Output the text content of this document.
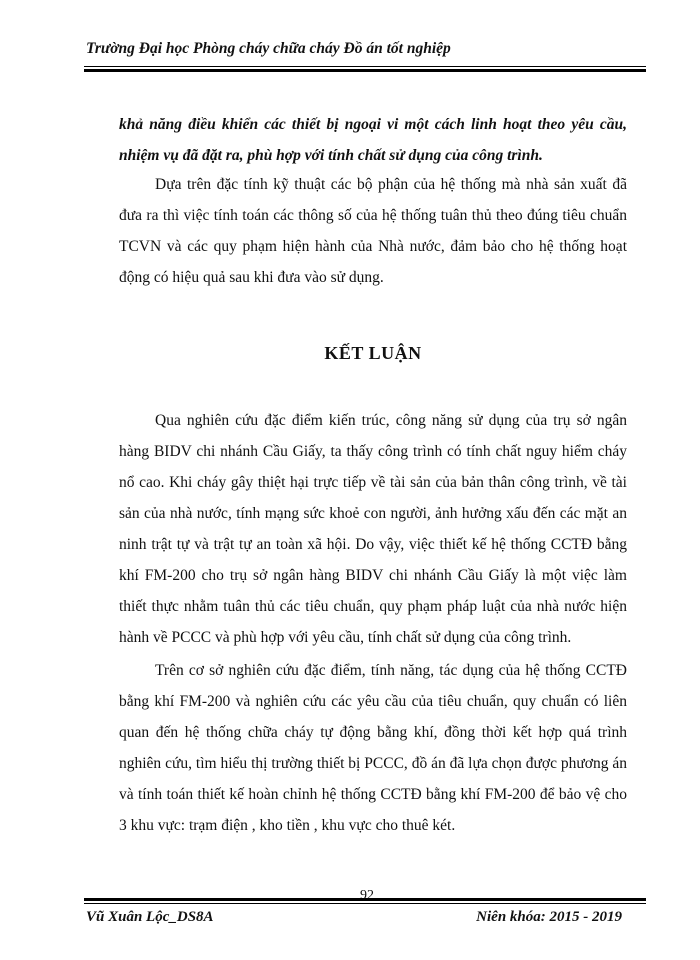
Trường Đại học Phòng cháy chữa cháy Đồ án tốt nghiệp
khả năng điều khiển các thiết bị ngoại vi một cách linh hoạt theo yêu cầu, nhiệm vụ đã đặt ra, phù hợp với tính chất sử dụng của công trình.
Dựa trên đặc tính kỹ thuật các bộ phận của hệ thống mà nhà sản xuất đã đưa ra thì việc tính toán các thông số của hệ thống tuân thủ theo đúng tiêu chuẩn TCVN và các quy phạm hiện hành của Nhà nước, đảm bảo cho hệ thống hoạt động có hiệu quả sau khi đưa vào sử dụng.
KẾT LUẬN
Qua nghiên cứu đặc điểm kiến trúc, công năng sử dụng của trụ sở ngân hàng BIDV chi nhánh Cầu Giấy, ta thấy công trình có tính chất nguy hiểm cháy nổ cao. Khi cháy gây thiệt hại trực tiếp về tài sản của bản thân công trình, về tài sản của nhà nước, tính mạng sức khoẻ con người, ảnh hưởng xấu đến các mặt an ninh trật tự và trật tự an toàn xã hội. Do vậy, việc thiết kế hệ thống CCTĐ bằng khí FM-200 cho trụ sở ngân hàng BIDV chi nhánh Cầu Giấy là một việc làm thiết thực nhằm tuân thủ các tiêu chuẩn, quy phạm pháp luật của nhà nước hiện hành về PCCC và phù hợp với yêu cầu, tính chất sử dụng của công trình.
Trên cơ sở nghiên cứu đặc điểm, tính năng, tác dụng của hệ thống CCTĐ bằng khí FM-200 và nghiên cứu các yêu cầu của tiêu chuẩn, quy chuẩn có liên quan đến hệ thống chữa cháy tự động bằng khí, đồng thời kết hợp quá trình nghiên cứu, tìm hiểu thị trường thiết bị PCCC, đồ án đã lựa chọn được phương án và tính toán thiết kế hoàn chỉnh hệ thống CCTĐ bằng khí FM-200 để bảo vệ cho 3 khu vực: trạm điện , kho tiền , khu vực cho thuê két.
92
Vũ Xuân Lộc_DS8A	Niên khóa: 2015 - 2019
